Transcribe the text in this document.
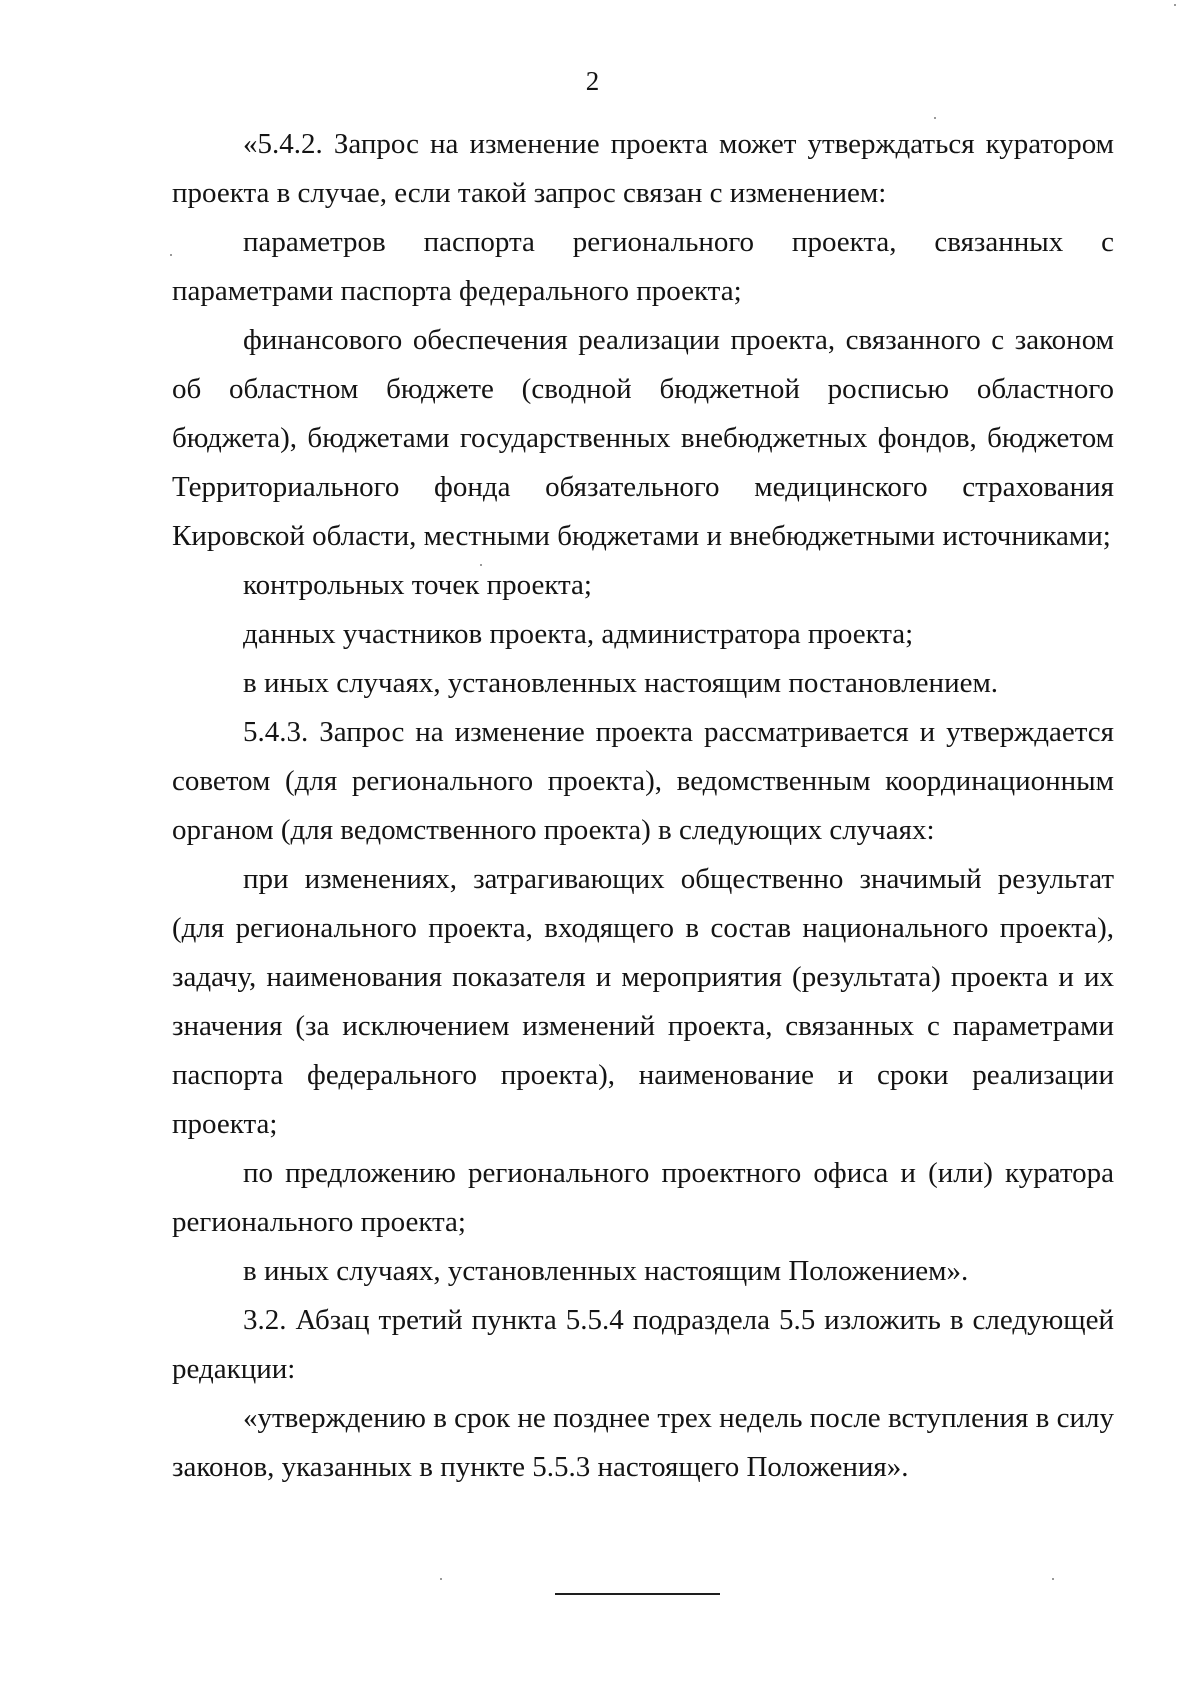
2

«5.4.2. Запрос на изменение проекта может утверждаться куратором проекта в случае, если такой запрос связан с изменением:

параметров паспорта регионального проекта, связанных с параметрами паспорта федерального проекта;

финансового обеспечения реализации проекта, связанного с законом об областном бюджете (сводной бюджетной росписью областного бюджета), бюджетами государственных внебюджетных фондов, бюджетом Территориального фонда обязательного медицинского страхования Кировской области, местными бюджетами и внебюджетными источниками;

контрольных точек проекта;

данных участников проекта, администратора проекта;

в иных случаях, установленных настоящим постановлением.

5.4.3. Запрос на изменение проекта рассматривается и утверждается советом (для регионального проекта), ведомственным координационным органом (для ведомственного проекта) в следующих случаях:

при изменениях, затрагивающих общественно значимый результат (для регионального проекта, входящего в состав национального проекта), задачу, наименования показателя и мероприятия (результата) проекта и их значения (за исключением изменений проекта, связанных с параметрами паспорта федерального проекта), наименование и сроки реализации проекта;

по предложению регионального проектного офиса и (или) куратора регионального проекта;

в иных случаях, установленных настоящим Положением».

3.2. Абзац третий пункта 5.5.4 подраздела 5.5 изложить в следующей редакции:

«утверждению в срок не позднее трех недель после вступления в силу законов, указанных в пункте 5.5.3 настоящего Положения».
